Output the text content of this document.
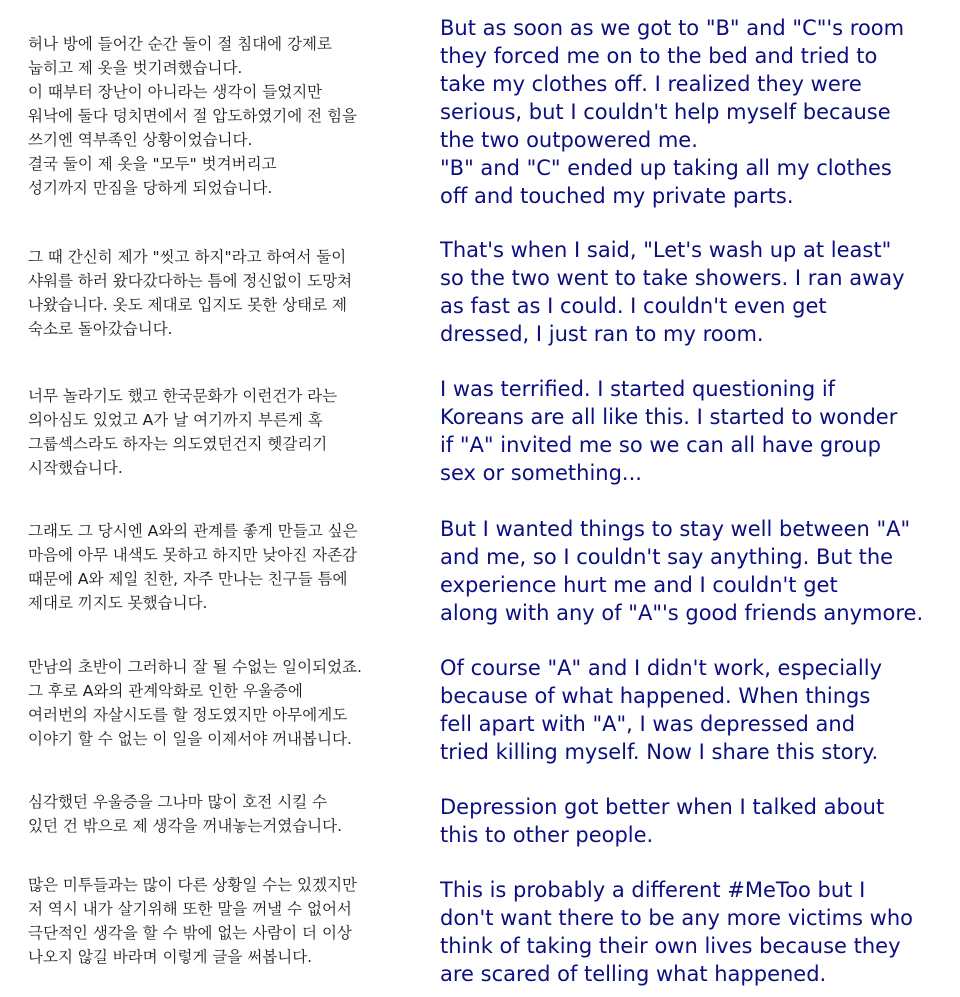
허나 방에 들어간 순간 둘이 절 침대에 강제로
눕히고 제 옷을 벗기려했습니다.
이 때부터 장난이 아니라는 생각이 들었지만
워낙에 둘다 덩치면에서 절 압도하였기에 전 힘을
쓰기엔 역부족인 상황이었습니다.
결국 둘이 제 옷을 "모두" 벗겨버리고
성기까지 만짐을 당하게 되었습니다.
But as soon as we got to "B" and "C"'s room
they forced me on to the bed and tried to
take my clothes off. I realized they were
serious, but I couldn't help myself because
the two outpowered me.
"B" and "C" ended up taking all my clothes
off and touched my private parts.
그 때 간신히 제가 "씻고 하지"라고 하여서 둘이
샤워를 하러 왔다갔다하는 틈에 정신없이 도망쳐
나왔습니다. 옷도 제대로 입지도 못한 상태로 제
숙소로 돌아갔습니다.
That's when I said, "Let's wash up at least"
so the two went to take showers. I ran away
as fast as I could. I couldn't even get
dressed, I just ran to my room.
너무 놀라기도 했고 한국문화가 이런건가 라는
의아심도 있었고 A가 날 여기까지 부른게 혹
그룹섹스라도 하자는 의도였던건지 헷갈리기
시작했습니다.
I was terrified. I started questioning if
Koreans are all like this. I started to wonder
if "A" invited me so we can all have group
sex or something...
그래도 그 당시엔 A와의 관계를 좋게 만들고 싶은
마음에 아무 내색도 못하고 하지만 낮아진 자존감
때문에 A와 제일 친한, 자주 만나는 친구들 틈에
제대로 끼지도 못했습니다.
But I wanted things to stay well between "A"
and me, so I couldn't say anything. But the
experience hurt me and I couldn't get
along with any of "A"'s good friends anymore.
만남의 초반이 그러하니 잘 될 수없는 일이되었죠.
그 후로 A와의 관계악화로 인한 우울증에
여러번의 자살시도를 할 정도였지만 아무에게도
이야기 할 수 없는 이 일을 이제서야 꺼내봅니다.
Of course "A" and I didn't work, especially
because of what happened. When things
fell apart with "A", I was depressed and
tried killing myself. Now I share this story.
심각했던 우울증을 그나마 많이 호전 시킬 수
있던 건 밖으로 제 생각을 꺼내놓는거였습니다.
Depression got better when I talked about
this to other people.
많은 미투들과는 많이 다른 상황일 수는 있겠지만
저 역시 내가 살기위해 또한 말을 꺼낼 수 없어서
극단적인 생각을 할 수 밖에 없는 사람이 더 이상
나오지 않길 바라며 이렇게 글을 써봅니다.
This is probably a different #MeToo but I
don't want there to be any more victims who
think of taking their own lives because they
are scared of telling what happened.
